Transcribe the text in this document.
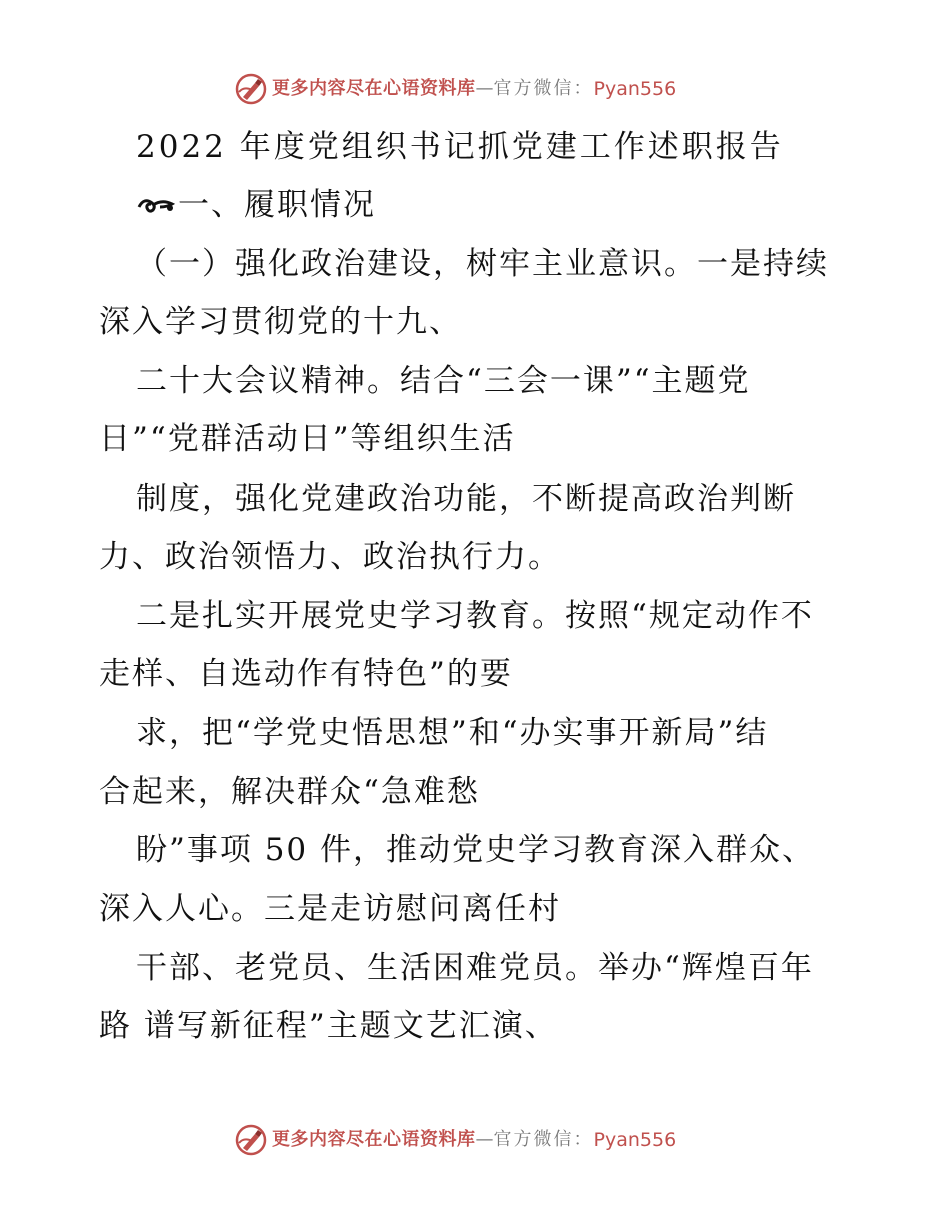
更多内容尽在心语资料库 — 官方微信： Pyan556
2022 年度党组织书记抓党建工作述职报告
一、履职情况
（一）强化政治建设，树牢主业意识。一是持续
深入学习贯彻党的十九、
二十大会议精神。结合“三会一课”“主题党
日”“党群活动日”等组织生活
制度，强化党建政治功能，不断提高政治判断
力、政治领悟力、政治执行力。
二是扎实开展党史学习教育。按照“规定动作不
走样、自选动作有特色”的要
求，把“学党史悟思想”和“办实事开新局”结
合起来，解决群众“急难愁
盼”事项 50 件，推动党史学习教育深入群众、
深入人心。三是走访慰问离任村
干部、老党员、生活困难党员。举办“辉煌百年
路 谱写新征程”主题文艺汇演、
更多内容尽在心语资料库 — 官方微信： Pyan556
